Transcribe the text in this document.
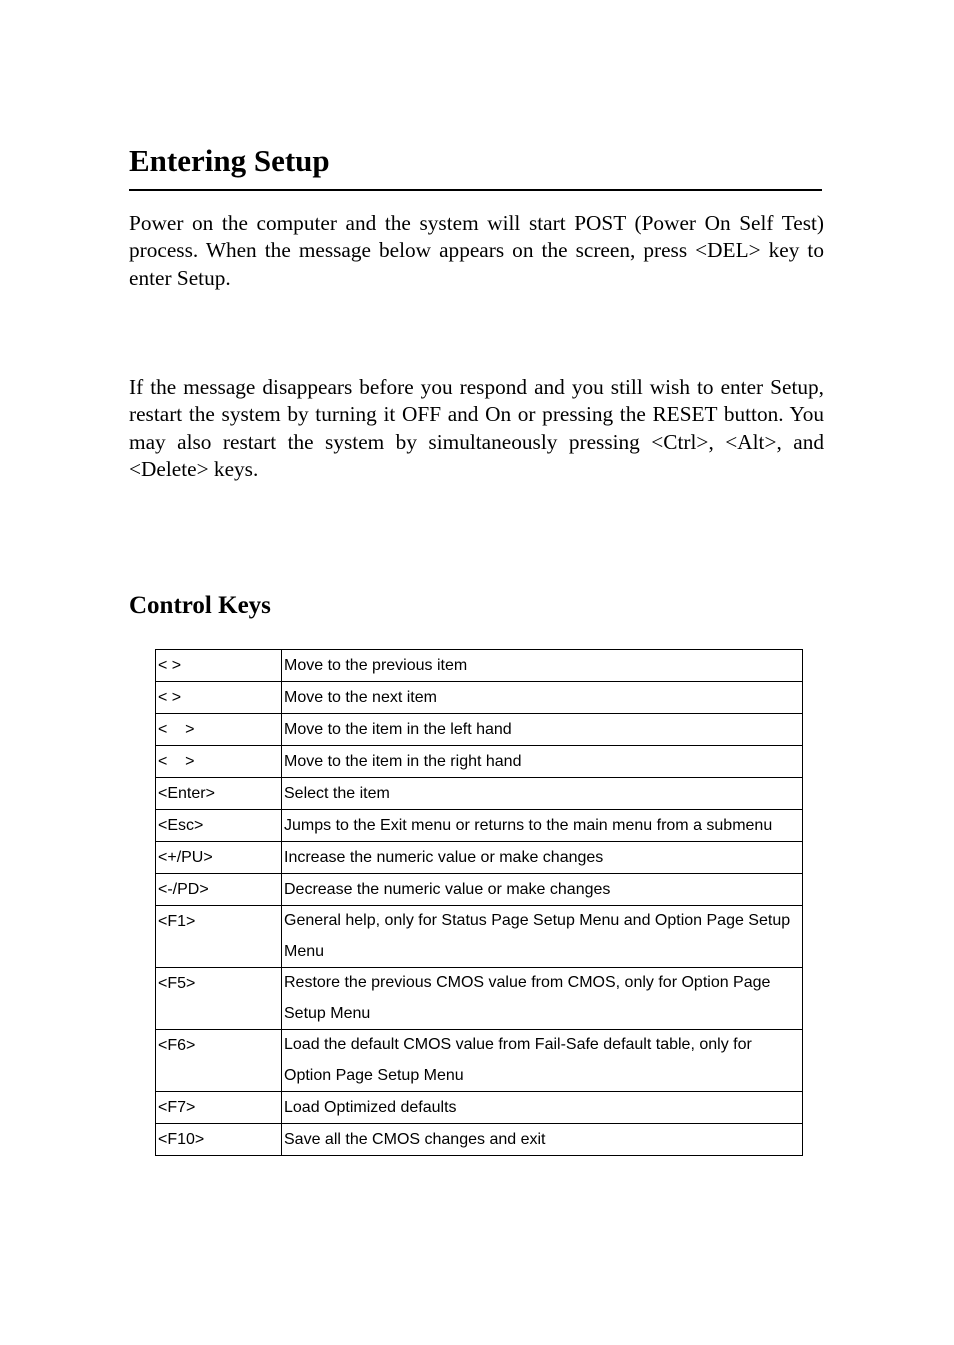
Entering Setup

Power on the computer and the system will start POST (Power On Self Test) process. When the message below appears on the screen, press <DEL> key to enter Setup.

If the message disappears before you respond and you still wish to enter Setup, restart the system by turning it OFF and On or pressing the RESET button. You may also restart the system by simultaneously pressing <Ctrl>, <Alt>, and <Delete> keys.

Control Keys
< >	Move to the previous item
< >	Move to the next item
<    >	Move to the item in the left hand
<    >	Move to the item in the right hand
<Enter>	Select the item
<Esc>	Jumps to the Exit menu or returns to the main menu from a submenu
<+/PU>	Increase the numeric value or make changes
<-/PD>	Decrease the numeric value or make changes
<F1>	General help, only for Status Page Setup Menu and Option Page Setup Menu
<F5>	Restore the previous CMOS value from CMOS, only for Option Page Setup Menu
<F6>	Load the default CMOS value from Fail-Safe default table, only for Option Page Setup Menu
<F7>	Load Optimized defaults
<F10>	Save all the CMOS changes and exit
